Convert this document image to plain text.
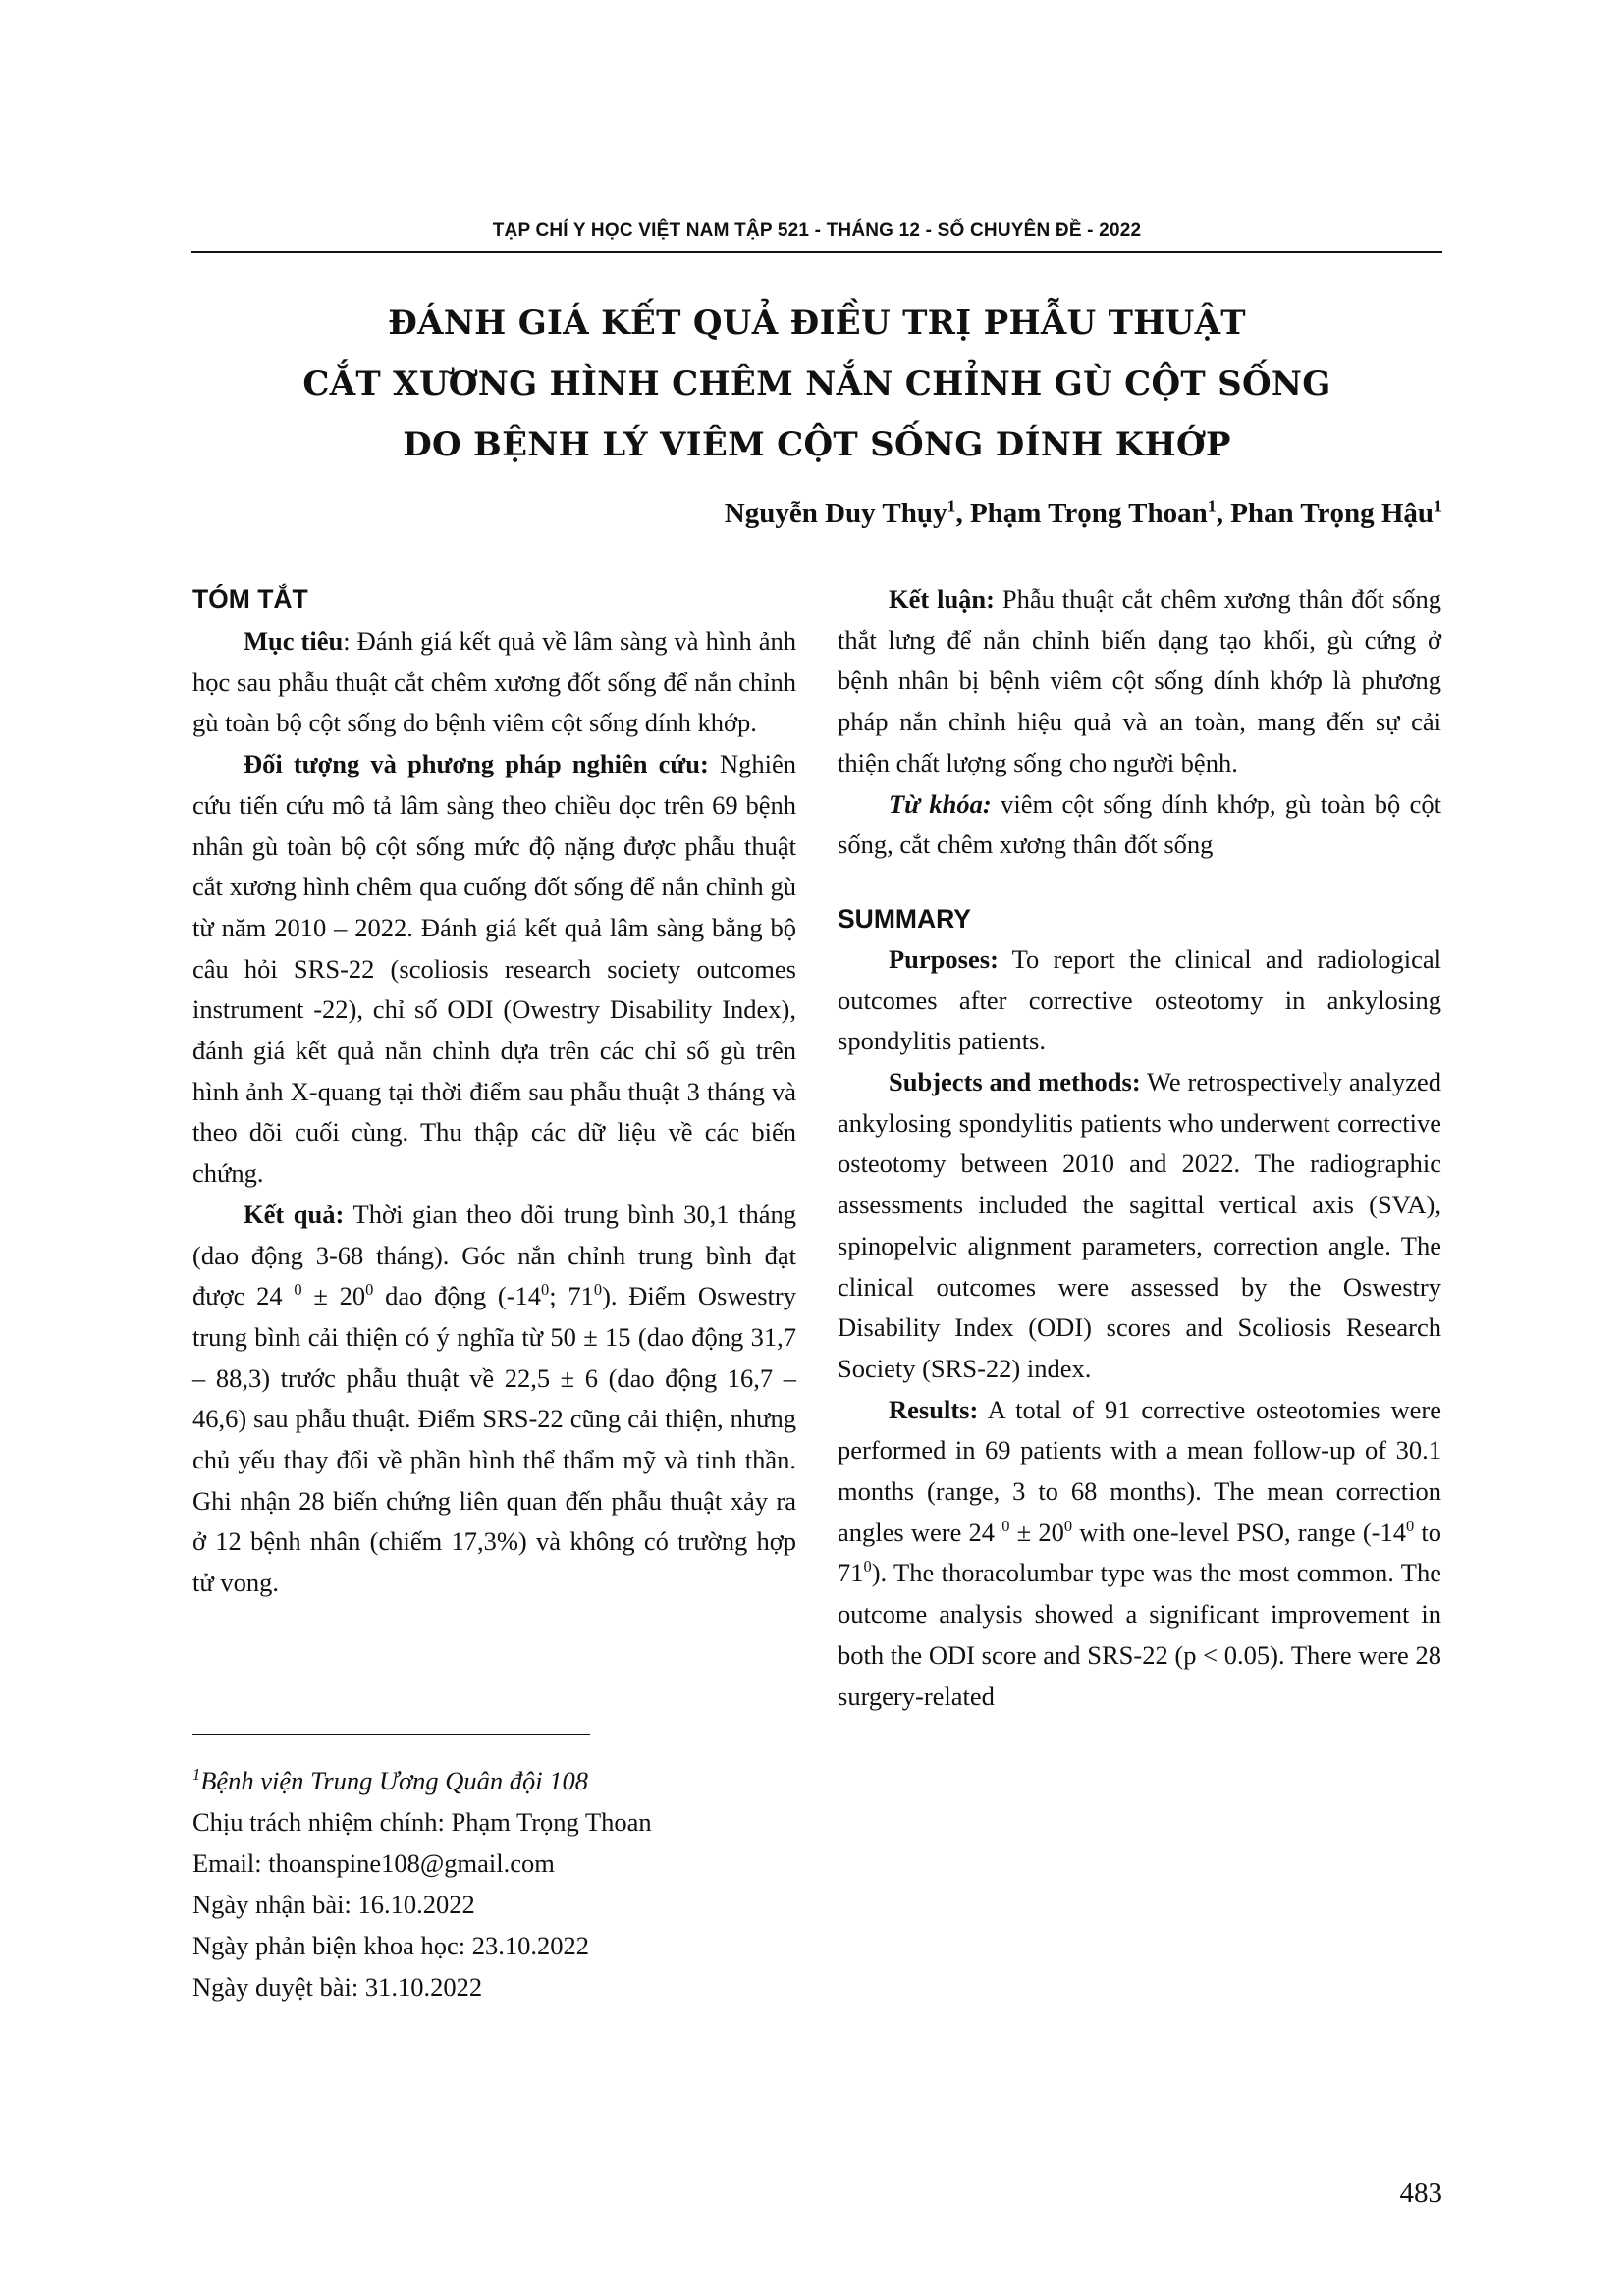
TẠP CHÍ Y HỌC VIỆT NAM TẬP 521 - THÁNG 12 - SỐ CHUYÊN ĐỀ - 2022
ĐÁNH GIÁ KẾT QUẢ ĐIỀU TRỊ PHẪU THUẬT
CẮT XƯƠNG HÌNH CHÊM NẮN CHỈNH GÙ CỘT SỐNG
DO BỆNH LÝ VIÊM CỘT SỐNG DÍNH KHỚP
Nguyễn Duy Thụy$^1$, Phạm Trọng Thoan$^1$, Phan Trọng Hậu$^1$
TÓM TẮT

Mục tiêu: Đánh giá kết quả về lâm sàng và hình ảnh học sau phẫu thuật cắt chêm xương đốt sống để nắn chỉnh gù toàn bộ cột sống do bệnh viêm cột sống dính khớp.

Đối tượng và phương pháp nghiên cứu: Nghiên cứu tiến cứu mô tả lâm sàng theo chiều dọc trên 69 bệnh nhân gù toàn bộ cột sống mức độ nặng được phẫu thuật cắt xương hình chêm qua cuống đốt sống để nắn chỉnh gù từ năm 2010 – 2022. Đánh giá kết quả lâm sàng bằng bộ câu hỏi SRS-22 (scoliosis research society outcomes instrument -22), chỉ số ODI (Owestry Disability Index), đánh giá kết quả nắn chỉnh dựa trên các chỉ số gù trên hình ảnh X-quang tại thời điểm sau phẫu thuật 3 tháng và theo dõi cuối cùng. Thu thập các dữ liệu về các biến chứng.

Kết quả: Thời gian theo dõi trung bình 30,1 tháng (dao động 3-68 tháng). Góc nắn chỉnh trung bình đạt được 24 $^0 \pm 20^0$ dao động ($-14^0$; $71^0$). Điểm Oswestry trung bình cải thiện có ý nghĩa từ 50 ± 15 (dao động 31,7 – 88,3) trước phẫu thuật về 22,5 ± 6 (dao động 16,7 – 46,6) sau phẫu thuật. Điểm SRS-22 cũng cải thiện, nhưng chủ yếu thay đổi về phần hình thể thẩm mỹ và tinh thần. Ghi nhận 28 biến chứng liên quan đến phẫu thuật xảy ra ở 12 bệnh nhân (chiếm 17,3%) và không có trường hợp tử vong.

$^1$Bệnh viện Trung Ương Quân đội 108
Chịu trách nhiệm chính: Phạm Trọng Thoan
Email: thoanspine108@gmail.com
Ngày nhận bài: 16.10.2022
Ngày phản biện khoa học: 23.10.2022
Ngày duyệt bài: 31.10.2022

Kết luận: Phẫu thuật cắt chêm xương thân đốt sống thắt lưng để nắn chỉnh biến dạng tạo khối, gù cứng ở bệnh nhân bị bệnh viêm cột sống dính khớp là phương pháp nắn chỉnh hiệu quả và an toàn, mang đến sự cải thiện chất lượng sống cho người bệnh.

Từ khóa: viêm cột sống dính khớp, gù toàn bộ cột sống, cắt chêm xương thân đốt sống

SUMMARY

Purposes: To report the clinical and radiological outcomes after corrective osteotomy in ankylosing spondylitis patients.

Subjects and methods: We retrospectively analyzed ankylosing spondylitis patients who underwent corrective osteotomy between 2010 and 2022. The radiographic assessments included the sagittal vertical axis (SVA), spinopelvic alignment parameters, correction angle. The clinical outcomes were assessed by the Oswestry Disability Index (ODI) scores and Scoliosis Research Society (SRS-22) index.

Results: A total of 91 corrective osteotomies were performed in 69 patients with a mean follow-up of 30.1 months (range, 3 to 68 months). The mean correction angles were 24 $^0 \pm 20^0$ with one-level PSO, range ($-14^0$ to $71^0$). The thoracolumbar type was the most common. The outcome analysis showed a significant improvement in both the ODI score and SRS-22 (p < 0.05). There were 28 surgery-related

483
